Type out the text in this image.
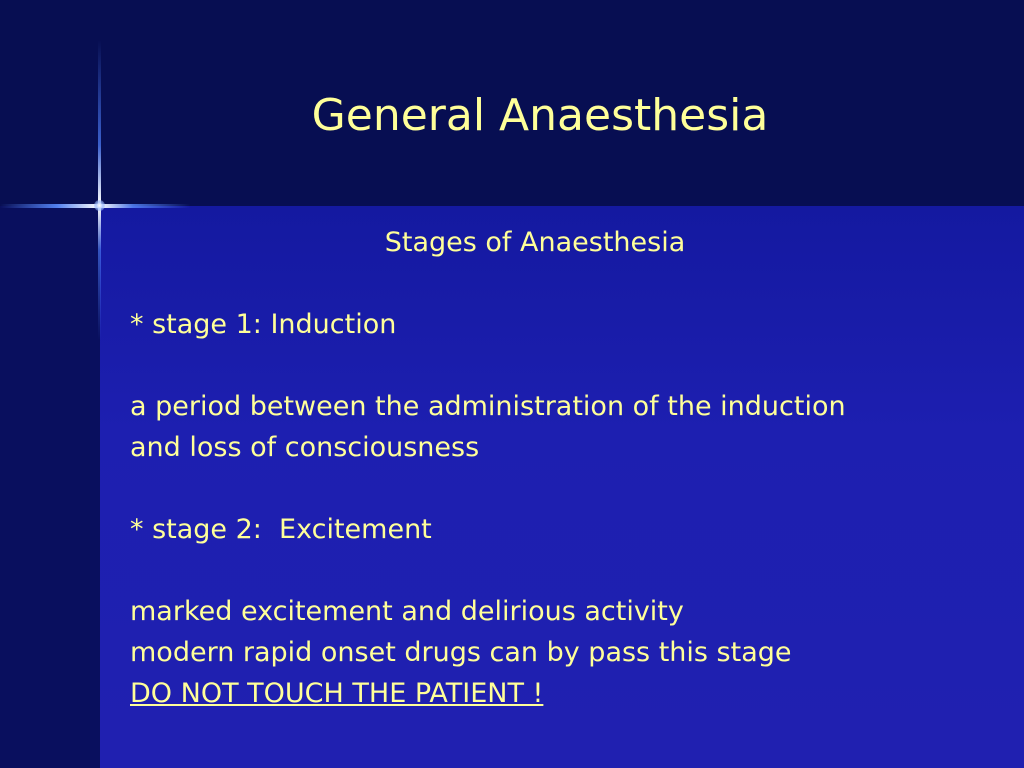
General Anaesthesia
Stages of Anaesthesia

* stage 1: Induction

a period between the administration of the induction
and loss of consciousness

* stage 2:  Excitement

marked excitement and delirious activity
modern rapid onset drugs can by pass this stage
DO NOT TOUCH THE PATIENT !
